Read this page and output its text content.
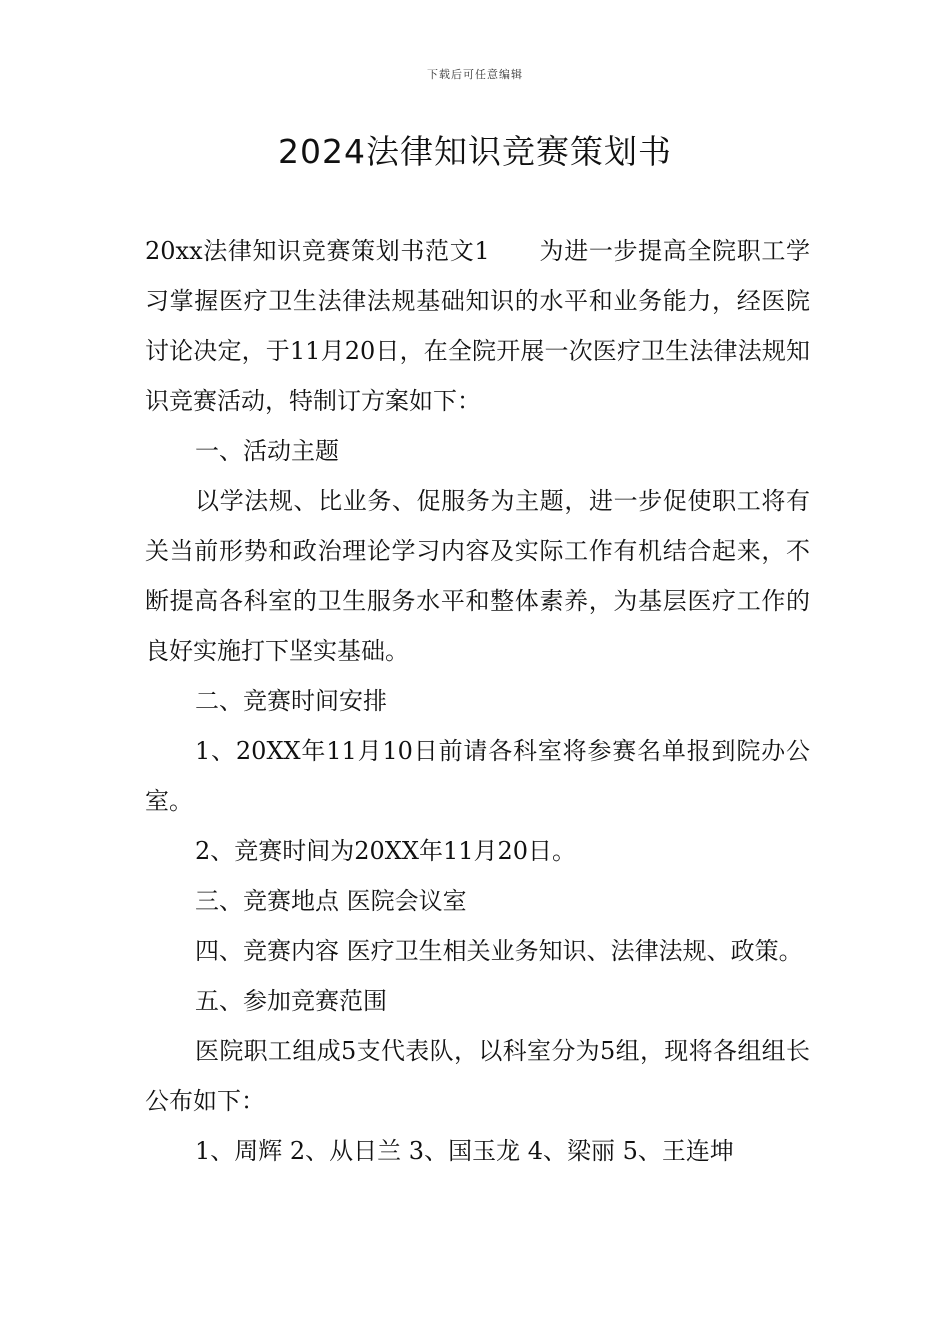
下载后可任意编辑
2024法律知识竞赛策划书

20xx法律知识竞赛策划书范文1　　为进一步提高全院职工学习掌握医疗卫生法律法规基础知识的水平和业务能力，经医院讨论决定，于11月20日，在全院开展一次医疗卫生法律法规知识竞赛活动，特制订方案如下：

一、活动主题

以学法规、比业务、促服务为主题，进一步促使职工将有关当前形势和政治理论学习内容及实际工作有机结合起来，不断提高各科室的卫生服务水平和整体素养，为基层医疗工作的良好实施打下坚实基础。

二、竞赛时间安排

1、20XX年11月10日前请各科室将参赛名单报到院办公室。

2、竞赛时间为20XX年11月20日。

三、竞赛地点 医院会议室

四、竞赛内容 医疗卫生相关业务知识、法律法规、政策。

五、参加竞赛范围

医院职工组成5支代表队，以科室分为5组，现将各组组长公布如下：

1、周辉 2、从日兰 3、国玉龙 4、梁丽 5、王连坤
